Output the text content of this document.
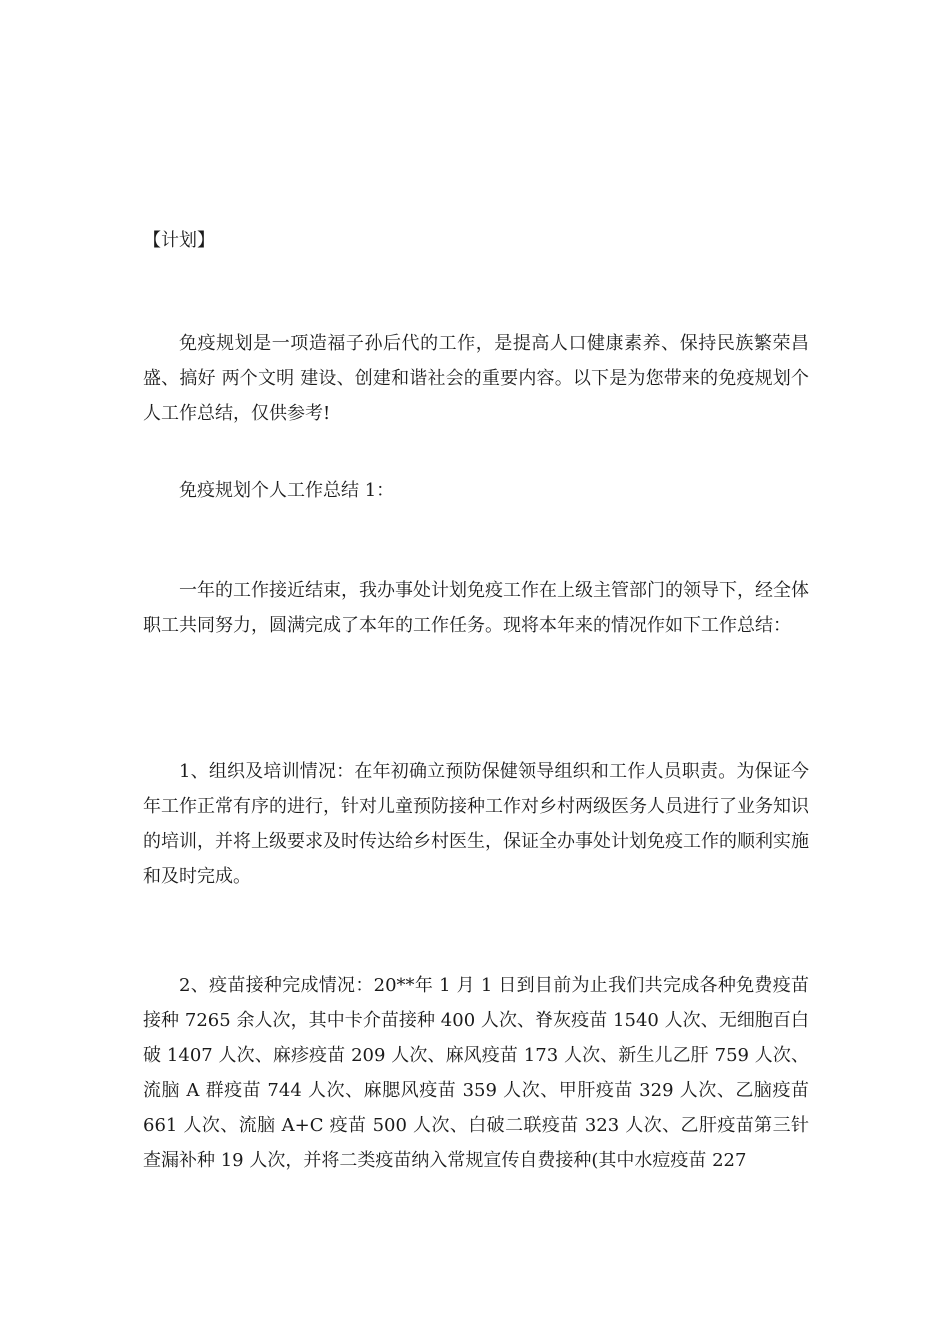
【计划】

免疫规划是一项造福子孙后代的工作，是提高人口健康素养、保持民族繁荣昌盛、搞好 两个文明 建设、创建和谐社会的重要内容。以下是为您带来的免疫规划个人工作总结，仅供参考!

免疫规划个人工作总结 1：

一年的工作接近结束，我办事处计划免疫工作在上级主管部门的领导下，经全体职工共同努力，圆满完成了本年的工作任务。现将本年来的情况作如下工作总结：

1、组织及培训情况：在年初确立预防保健领导组织和工作人员职责。为保证今年工作正常有序的进行，针对儿童预防接种工作对乡村两级医务人员进行了业务知识的培训，并将上级要求及时传达给乡村医生，保证全办事处计划免疫工作的顺利实施和及时完成。

2、疫苗接种完成情况：20**年 1 月 1 日到目前为止我们共完成各种免费疫苗接种 7265 余人次，其中卡介苗接种 400 人次、脊灰疫苗 1540 人次、无细胞百白破 1407 人次、麻疹疫苗 209 人次、麻风疫苗 173 人次、新生儿乙肝 759 人次、流脑 A 群疫苗 744 人次、麻腮风疫苗 359 人次、甲肝疫苗 329 人次、乙脑疫苗 661 人次、流脑 A+C 疫苗 500 人次、白破二联疫苗 323 人次、乙肝疫苗第三针查漏补种 19 人次，并将二类疫苗纳入常规宣传自费接种(其中水痘疫苗 227
